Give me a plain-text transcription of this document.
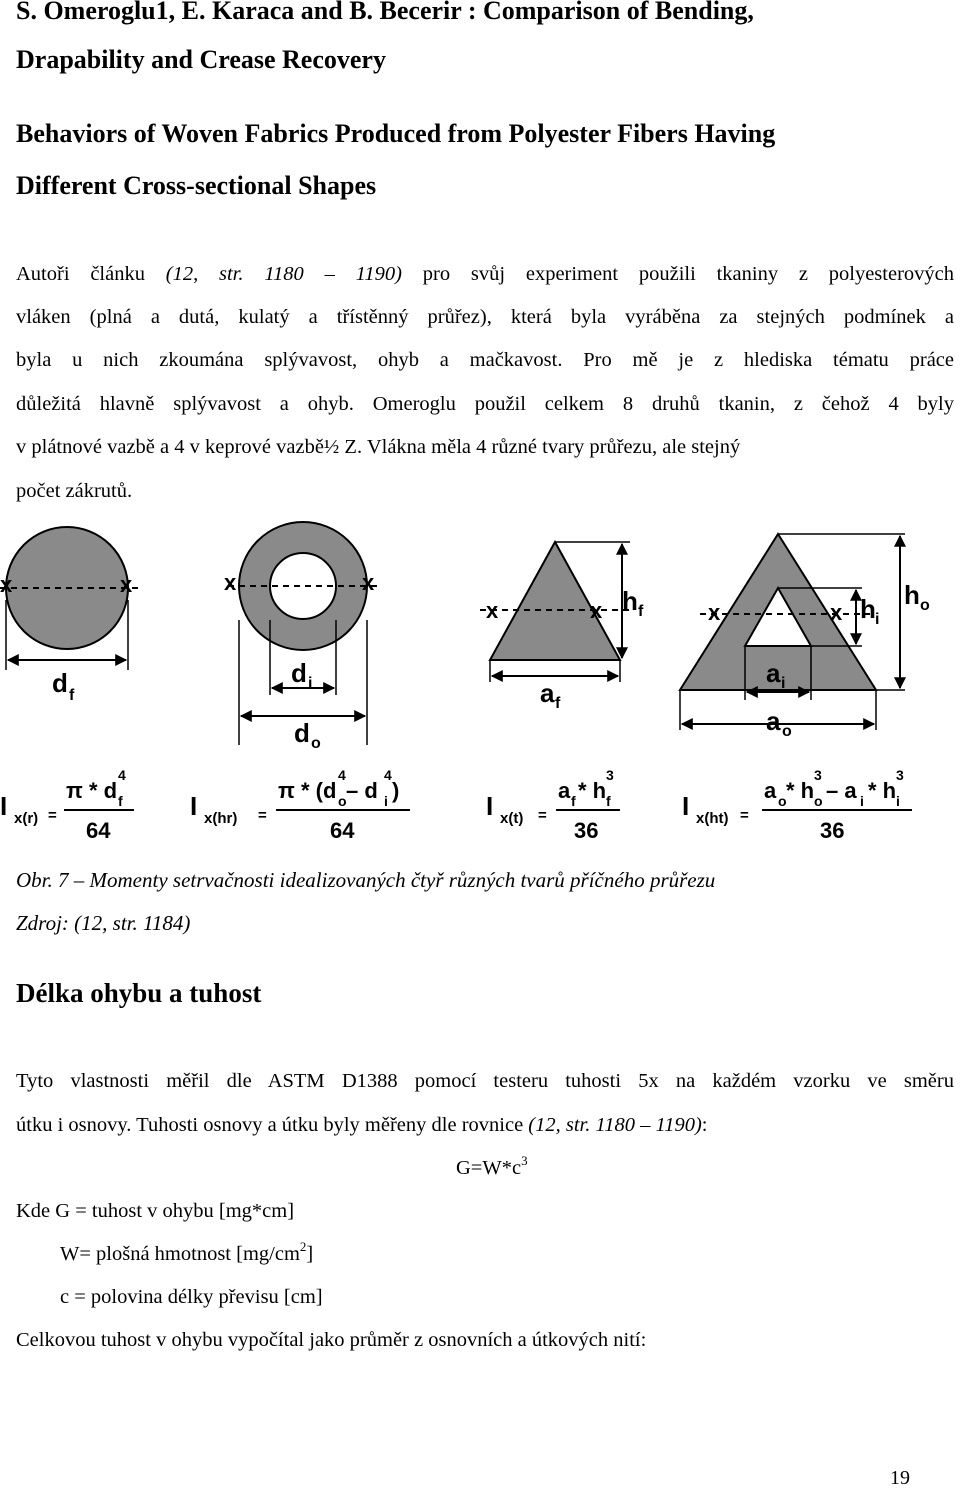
S. Omeroglu1, E. Karaca and B. Becerir : Comparison of Bending,
Drapability and Crease Recovery
Behaviors of Woven Fabrics Produced from Polyester Fibers Having
Different Cross-sectional Shapes
Autoři článku (12, str. 1180 – 1190) pro svůj experiment použili tkaniny z polyesterových
vláken (plná a dutá, kulatý a třístěnný průřez), která byla vyráběna za stejných podmínek a
byla u nich zkoumána splývavost, ohyb a mačkavost. Pro mě je z hlediska tématu práce
důležitá hlavně splývavost a ohyb. Omeroglu použil celkem 8 druhů tkanin, z čehož 4 byly
v plátnové vazbě a 4 v keprové vazbě½ Z. Vlákna měla 4 různé tvary průřezu, ale stejný
počet zákrutů.
x	x
d f
x	x
d i
d o
x	x h f
a f
x	x h i
h o
a i
a o
I x(r) =
π * d f
4
64
I x(hr) =
π * (d o
4
– d i
4
)
64
I x(t) =
a f * h f
3
36
I x(ht) =
a o * h o
3
– a i * h i
3
36
Obr. 7 – Momenty setrvačnosti idealizovaných čtyř různých tvarů příčného průřezu
Zdroj: (12, str. 1184)
Délka ohybu a tuhost
Tyto vlastnosti měřil dle ASTM D1388 pomocí testeru tuhosti 5x na každém vzorku ve směru
útku i osnovy. Tuhosti osnovy a útku byly měřeny dle rovnice (12, str. 1180 – 1190):
$G=W*c^3$
Kde G = tuhost v ohybu [mg*cm]
W= plošná hmotnost $[mg/cm^2]$
c = polovina délky převisu [cm]
Celkovou tuhost v ohybu vypočítal jako průměr z osnovních a útkových nití:
19
